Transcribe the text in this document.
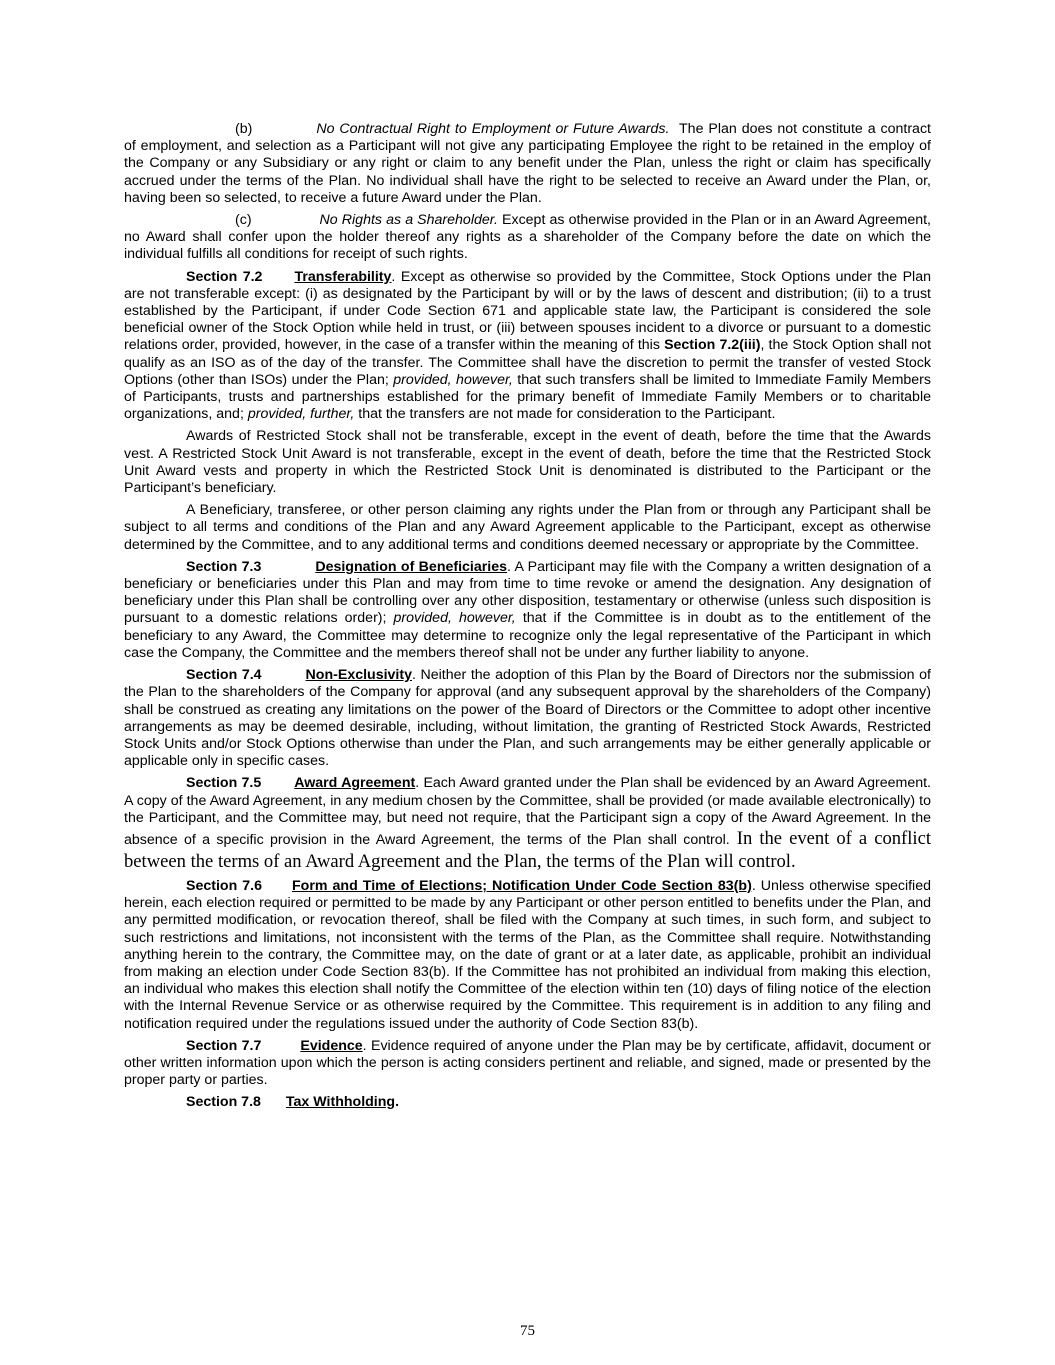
(b)	No Contractual Right to Employment or Future Awards. The Plan does not constitute a contract of employment, and selection as a Participant will not give any participating Employee the right to be retained in the employ of the Company or any Subsidiary or any right or claim to any benefit under the Plan, unless the right or claim has specifically accrued under the terms of the Plan. No individual shall have the right to be selected to receive an Award under the Plan, or, having been so selected, to receive a future Award under the Plan.

(c)	No Rights as a Shareholder. Except as otherwise provided in the Plan or in an Award Agreement, no Award shall confer upon the holder thereof any rights as a shareholder of the Company before the date on which the individual fulfills all conditions for receipt of such rights.

Section 7.2 Transferability. Except as otherwise so provided by the Committee, Stock Options under the Plan are not transferable except: (i) as designated by the Participant by will or by the laws of descent and distribution; (ii) to a trust established by the Participant, if under Code Section 671 and applicable state law, the Participant is considered the sole beneficial owner of the Stock Option while held in trust, or (iii) between spouses incident to a divorce or pursuant to a domestic relations order, provided, however, in the case of a transfer within the meaning of this Section 7.2(iii), the Stock Option shall not qualify as an ISO as of the day of the transfer. The Committee shall have the discretion to permit the transfer of vested Stock Options (other than ISOs) under the Plan; provided, however, that such transfers shall be limited to Immediate Family Members of Participants, trusts and partnerships established for the primary benefit of Immediate Family Members or to charitable organizations, and; provided, further, that the transfers are not made for consideration to the Participant.

Awards of Restricted Stock shall not be transferable, except in the event of death, before the time that the Awards vest. A Restricted Stock Unit Award is not transferable, except in the event of death, before the time that the Restricted Stock Unit Award vests and property in which the Restricted Stock Unit is denominated is distributed to the Participant or the Participant’s beneficiary.

A Beneficiary, transferee, or other person claiming any rights under the Plan from or through any Participant shall be subject to all terms and conditions of the Plan and any Award Agreement applicable to the Participant, except as otherwise determined by the Committee, and to any additional terms and conditions deemed necessary or appropriate by the Committee.

Section 7.3	Designation of Beneficiaries. A Participant may file with the Company a written designation of a beneficiary or beneficiaries under this Plan and may from time to time revoke or amend the designation. Any designation of beneficiary under this Plan shall be controlling over any other disposition, testamentary or otherwise (unless such disposition is pursuant to a domestic relations order); provided, however, that if the Committee is in doubt as to the entitlement of the beneficiary to any Award, the Committee may determine to recognize only the legal representative of the Participant in which case the Company, the Committee and the members thereof shall not be under any further liability to anyone.

Section 7.4	Non-Exclusivity. Neither the adoption of this Plan by the Board of Directors nor the submission of the Plan to the shareholders of the Company for approval (and any subsequent approval by the shareholders of the Company) shall be construed as creating any limitations on the power of the Board of Directors or the Committee to adopt other incentive arrangements as may be deemed desirable, including, without limitation, the granting of Restricted Stock Awards, Restricted Stock Units and/or Stock Options otherwise than under the Plan, and such arrangements may be either generally applicable or applicable only in specific cases.

Section 7.5 Award Agreement. Each Award granted under the Plan shall be evidenced by an Award Agreement. A copy of the Award Agreement, in any medium chosen by the Committee, shall be provided (or made available electronically) to the Participant, and the Committee may, but need not require, that the Participant sign a copy of the Award Agreement. In the absence of a specific provision in the Award Agreement, the terms of the Plan shall control. In the event of a conflict between the terms of an Award Agreement and the Plan, the terms of the Plan will control.

Section 7.6 Form and Time of Elections; Notification Under Code Section 83(b). Unless otherwise specified herein, each election required or permitted to be made by any Participant or other person entitled to benefits under the Plan, and any permitted modification, or revocation thereof, shall be filed with the Company at such times, in such form, and subject to such restrictions and limitations, not inconsistent with the terms of the Plan, as the Committee shall require. Notwithstanding anything herein to the contrary, the Committee may, on the date of grant or at a later date, as applicable, prohibit an individual from making an election under Code Section 83(b). If the Committee has not prohibited an individual from making this election, an individual who makes this election shall notify the Committee of the election within ten (10) days of filing notice of the election with the Internal Revenue Service or as otherwise required by the Committee. This requirement is in addition to any filing and notification required under the regulations issued under the authority of Code Section 83(b).

Section 7.7	Evidence. Evidence required of anyone under the Plan may be by certificate, affidavit, document or other written information upon which the person is acting considers pertinent and reliable, and signed, made or presented by the proper party or parties.

Section 7.8 Tax Withholding.

75
